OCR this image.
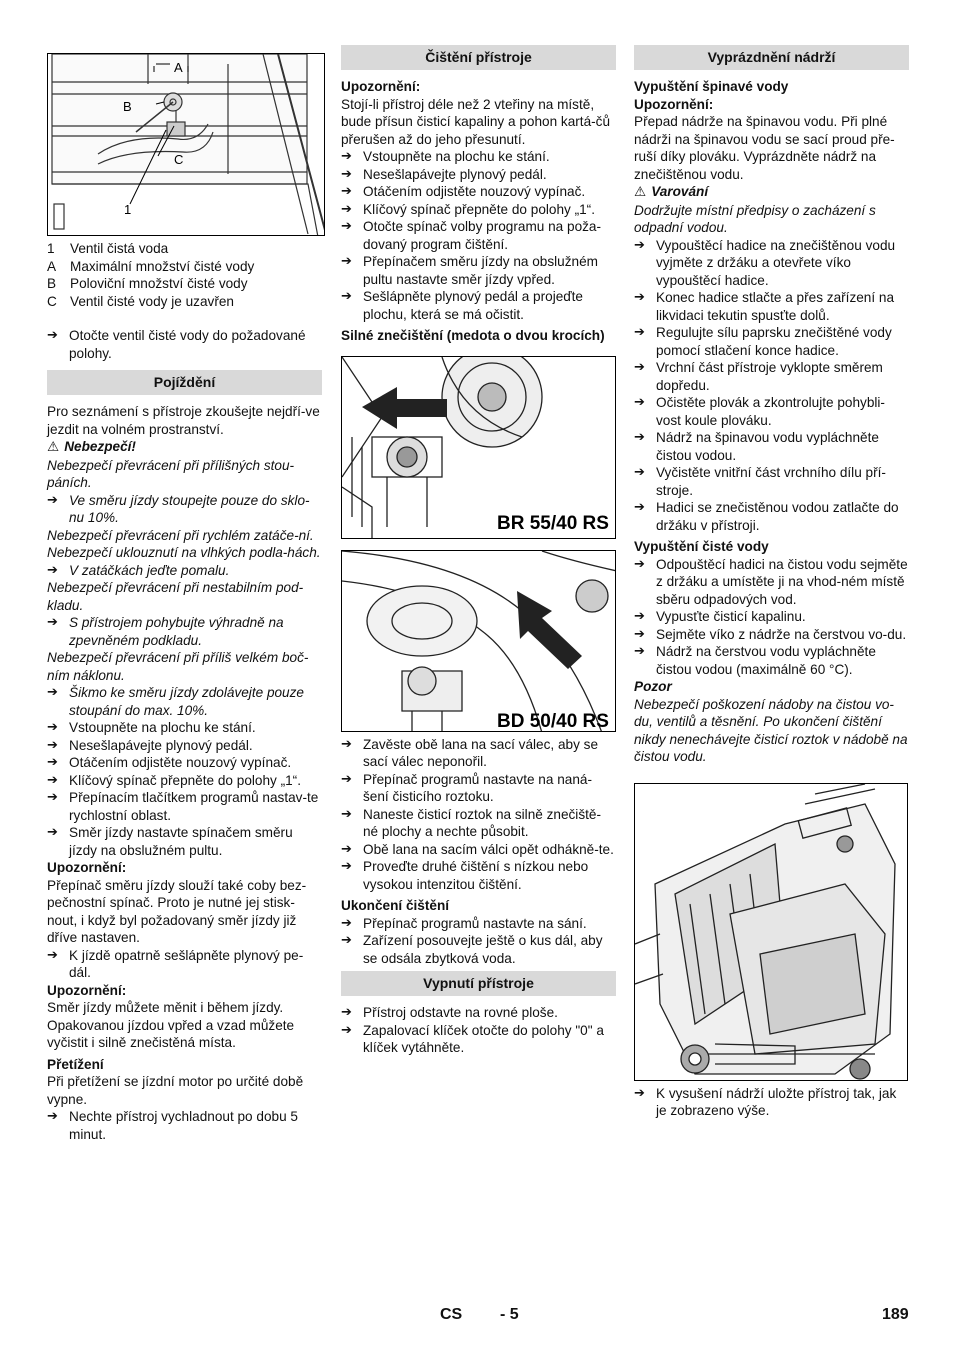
A
B
C
1
1	Ventil čistá voda
A	Maximální množství čisté vody
B	Poloviční množství čisté vody
C Ventil čisté vody je uzavřen
➔ Otočte ventil čisté vody do požadované polohy.
Pojíždění
Pro seznámení s přístroje zkoušejte nejdří-ve jezdit na volném prostranství.
⚠ Nebezpečí!
Nebezpečí převrácení při přílišných stou-páních.
➔ Ve směru jízdy stoupejte pouze do sklo-nu 10%.
Nebezpečí převrácení při rychlém zatáče-ní.
Nebezpečí uklouznutí na vlhkých podla-hách.
➔ V zatáčkách jeďte pomalu.
Nebezpečí převrácení při nestabilním pod-kladu.
➔ S přístrojem pohybujte výhradně na zpevněném podkladu.
Nebezpečí převrácení při příliš velkém boč-ním náklonu.
➔ Šikmo ke směru jízdy zdolávejte pouze stoupání do max. 10%.
➔ Vstoupněte na plochu ke stání.
➔ Nesešlapávejte plynový pedál.
➔ Otáčením odjistěte nouzový vypínač.
➔ Klíčový spínač přepněte do polohy „1“.
➔ Přepínacím tlačítkem programů nastav-te rychlostní oblast.
➔ Směr jízdy nastavte spínačem směru jízdy na obslužném pultu.
Upozornění:
Přepínač směru jízdy slouží také coby bez-pečnostní spínač. Proto je nutné jej stisk-nout, i když byl požadovaný směr jízdy již dříve nastaven.
➔ K jízdě opatrně sešlápněte plynový pe-dál.
Upozornění:
Směr jízdy můžete měnit i během jízdy. Opakovanou jízdou vpřed a vzad můžete vyčistit i silně znečistěná místa.
Přetížení
Při přetížení se jízdní motor po určité době vypne.
➔ Nechte přístroj vychladnout po dobu 5 minut.
Čištění přístroje
Upozornění:
Stojí-li přístroj déle než 2 vteřiny na místě, bude přísun čisticí kapaliny a pohon kartá-čů přerušen až do jeho přesunutí.
➔ Vstoupněte na plochu ke stání.
➔ Nesešlapávejte plynový pedál.
➔ Otáčením odjistěte nouzový vypínač.
➔ Klíčový spínač přepněte do polohy „1“.
➔ Otočte spínač volby programu na poža-dovaný program čištění.
➔ Přepínačem směru jízdy na obslužném pultu nastavte směr jízdy vpřed.
➔ Sešlápněte plynový pedál a projeďte plochu, která se má očistit.
Silné znečištění (medota o dvou krocích)
BR 55/40 RS
BD 50/40 RS
➔ Zavěste obě lana na sací válec, aby se sací válec neponořil.
➔ Přepínač programů nastavte na naná-šení čisticího roztoku.
➔ Naneste čisticí roztok na silně znečiště-né plochy a nechte působit.
➔ Obě lana na sacím válci opět odhákně-te.
➔ Proveďte druhé čištění s nízkou nebo vysokou intenzitou čištění.
Ukončení čištění
➔ Přepínač programů nastavte na sání.
➔ Zařízení posouvejte ještě o kus dál, aby se odsála zbytková voda.
Vypnutí přístroje
➔ Přístroj odstavte na rovné ploše.
➔ Zapalovací klíček otočte do polohy "0" a klíček vytáhněte.
Vyprázdnění nádrží
Vypuštění špinavé vody
Upozornění:
Přepad nádrže na špinavou vodu. Při plné nádrži na špinavou vodu se sací proud pře-ruší díky plováku. Vyprázdněte nádrž na znečištěnou vodu.
⚠ Varování
Dodržujte místní předpisy o zacházení s odpadní vodou.
➔ Vypouštěcí hadice na znečištěnou vodu vyjměte z držáku a otevřete víko vypouštěcí hadice.
➔ Konec hadice stlačte a přes zařízení na likvidaci tekutin spusťte dolů.
➔ Regulujte sílu paprsku znečištěné vody pomocí stlačení konce hadice.
➔ Vrchní část přístroje vyklopte směrem dopředu.
➔ Očistěte plovák a zkontrolujte pohybli-vost koule plováku.
➔ Nádrž na špinavou vodu vypláchněte čistou vodou.
➔ Vyčistěte vnitřní část vrchního dílu pří-stroje.
➔ Hadici se znečistěnou vodou zatlačte do držáku v přístroji.
Vypuštění čisté vody
➔ Odpouštěcí hadici na čistou vodu sejměte z držáku a umístěte ji na vhod-ném místě sběru odpadových vod.
➔ Vypusťte čisticí kapalinu.
➔ Sejměte víko z nádrže na čerstvou vo-du.
➔ Nádrž na čerstvou vodu vypláchněte čistou vodou (maximálně 60 °C).
Pozor
Nebezpečí poškození nádoby na čistou vo-du, ventilů a těsnění. Po ukončení čištění nikdy nenechávejte čisticí roztok v nádobě na čistou vodu.
➔ K vysušení nádrží uložte přístroj tak, jak je zobrazeno výše.
CS - 5	189
